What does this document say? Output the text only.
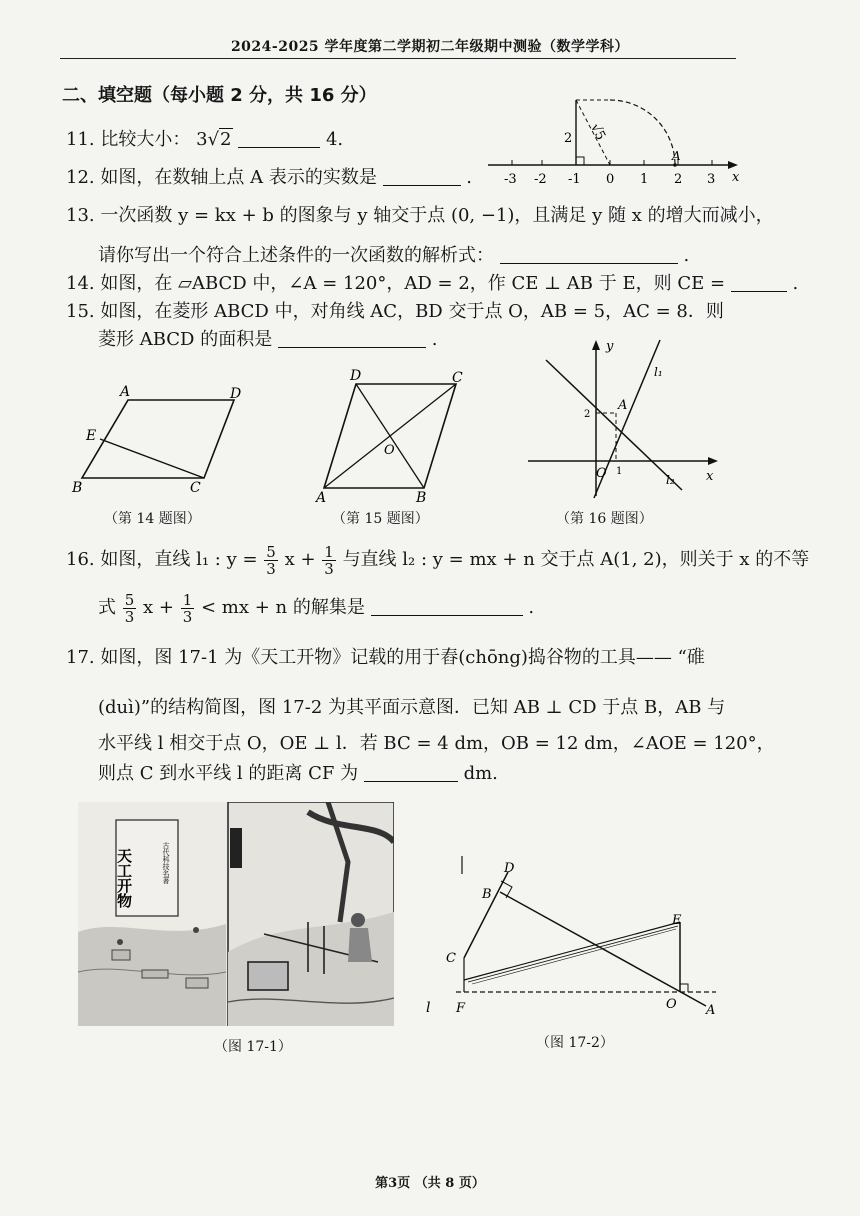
2024-2025 学年度第二学期初二年级期中测验（数学学科）
二、填空题（每小题 2 分，共 16 分）
11. 比较大小： 3√2	4.
-3 -2 -1 0 1 2 3 x
2 √5
A
12. 如图，在数轴上点 A 表示的实数是	.
13. 一次函数 y = kx + b 的图象与 y 轴交于点 (0, −1)，且满足 y 随 x 的增大而减小，
请你写出一个符合上述条件的一次函数的解析式：	.
14. 如图，在 ▱ABCD 中，∠A = 120°，AD = 2，作 CE ⊥ AB 于 E，则 CE =	.
15. 如图，在菱形 ABCD 中，对角线 AC，BD 交于点 O，AB = 5，AC = 8．则
菱形 ABCD 的面积是	.
A	D
E
B	C
（第 14 题图）
D	C
O
A	B
（第 15 题图）
y
x
O
A
2
1
l₁
l₂
（第 16 题图）
16. 如图，直线 l₁ : $y = \frac{5}{3}$ $x + \frac{1}{3}$ 与直线 l₂ : y = mx + n 交于点 A(1, 2)，则关于 x 的不等
式 $\frac{5}{3}$ $x + \frac{1}{3}$ < mx + n 的解集是	.
17. 如图，图 17-1 为《天工开物》记载的用于舂(chōng)捣谷物的工具—— “碓
(duì)”的结构简图，图 17-2 为其平面示意图．已知 AB ⊥ CD 于点 B，AB 与
水平线 l 相交于点 O，OE ⊥ l．若 BC = 4 dm，OB = 12 dm，∠AOE = 120°，
则点 C 到水平线 l 的距离 CF 为	dm.
天工开物	古代科技名著
（图 17-1）
D
B
C
E
l F	O A
（图 17-2）
第3页 （共 8 页）
